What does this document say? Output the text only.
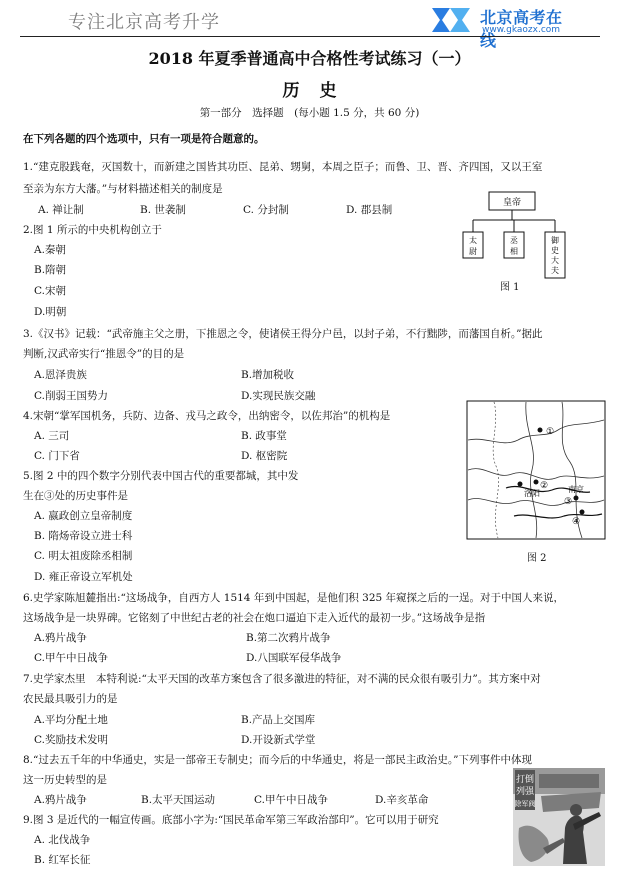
专注北京高考升学	北京高考在线
www.gkaozx.com
2018 年夏季普通高中合格性考试练习（一）
历史
第一部分　选择题　(每小题 1.5 分，共 60 分)
在下列各题的四个选项中，只有一项是符合题意的。
1.“建克股践奄，灭国数十，而新建之国皆其功臣、昆弟、甥舅，本周之臣子；而鲁、卫、晋、齐四国，又以王室
至亲为东方大藩。”与材料描述相关的制度是
A. 禅让制	B. 世袭制	C. 分封制	D. 郡县制
皇帝
太
尉
丞
相
御
史
大
夫
图 1
2.图 1 所示的中央机构创立于
A.秦朝
B.隋朝
C.宋朝
D.明朝
3.《汉书》记载：“武帝施主父之册，下推恩之令，使诸侯王得分户邑，以封子弟，不行黜陟，而藩国自析。”据此
判断,汉武帝实行“推恩令”的目的是
A.恩泽贵族	B.增加税收
C.削弱王国势力	D.实现民族交融
4.宋朝“掌军国机务，兵防、边备、戎马之政令，出纳密令，以佐邦治”的机构是
A. 三司	B. 政事堂
C. 门下省	D. 枢密院
①
洛阳
② 南京
③
④
图 2
5.图 2 中的四个数字分别代表中国古代的重要都城，其中发
生在③处的历史事件是
A. 嬴政创立皇帝制度
B. 隋炀帝设立进士科
C. 明太祖废除丞相制
D. 雍正帝设立军机处
6.史学家陈旭麓指出:“这场战争，自西方人 1514 年到中国起，是他们积 325 年窥探之后的一逞。对于中国人来说，
这场战争是一块界碑。它铭刻了中世纪古老的社会在炮口逼迫下走入近代的最初一步。”这场战争是指
A.鸦片战争	B.第二次鸦片战争
C.甲午中日战争	D.八国联军侵华战争
7.史学家杰里　本特利说:“太平天国的改革方案包含了很多激进的特征，对不满的民众很有吸引力”。其方案中对
农民最具吸引力的是
A.平均分配土地	B.产品上交国库
C.奖励技术发明	D.开设新式学堂
8.“过去五千年的中华通史，实是一部帝王专制史；而今后的中华通史，将是一部民主政治史。”下列事件中体现
这一历史转型的是
A.鸦片战争	B.太平天国运动	C.甲午中日战争	D.辛亥革命
9.图 3 是近代的一幅宣传画。底部小字为:“国民革命军第三军政治部印”。它可以用于研究
A. 北伐战争
B. 红军长征
打倒
列强
除军阀
